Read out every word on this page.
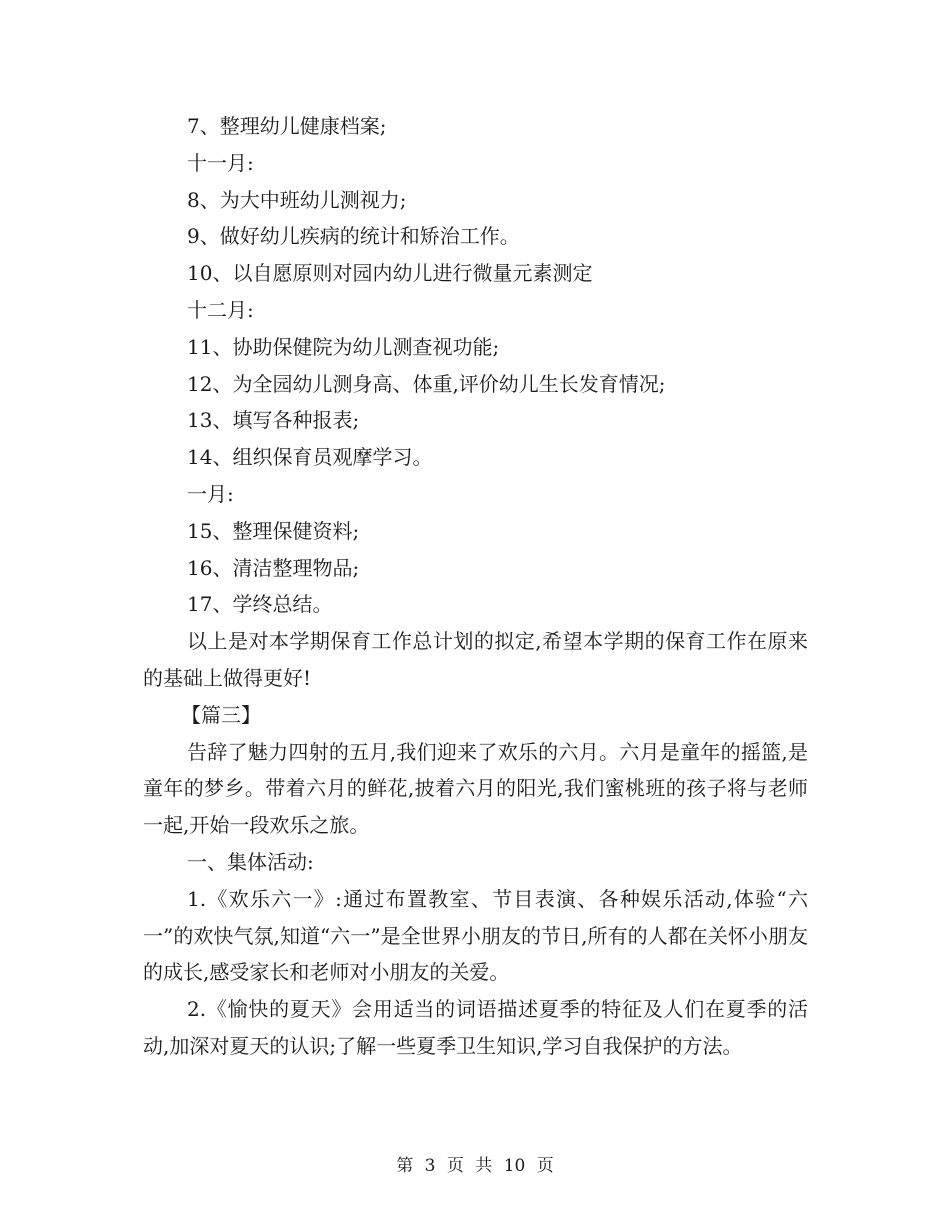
7、整理幼儿健康档案;

十一月:

8、为大中班幼儿测视力;

9、做好幼儿疾病的统计和矫治工作。

10、以自愿原则对园内幼儿进行微量元素测定

十二月:

11、协助保健院为幼儿测查视功能;

12、为全园幼儿测身高、体重,评价幼儿生长发育情况;

13、填写各种报表;

14、组织保育员观摩学习。

一月:

15、整理保健资料;

16、清洁整理物品;

17、学终总结。

以上是对本学期保育工作总计划的拟定,希望本学期的保育工作在原来的基础上做得更好!

【篇三】

告辞了魅力四射的五月,我们迎来了欢乐的六月。六月是童年的摇篮,是童年的梦乡。带着六月的鲜花,披着六月的阳光,我们蜜桃班的孩子将与老师一起,开始一段欢乐之旅。

一、集体活动:

1.《欢乐六一》:通过布置教室、节目表演、各种娱乐活动,体验“六一”的欢快气氛,知道“六一”是全世界小朋友的节日,所有的人都在关怀小朋友的成长,感受家长和老师对小朋友的关爱。

2.《愉快的夏天》会用适当的词语描述夏季的特征及人们在夏季的活动,加深对夏天的认识;了解一些夏季卫生知识,学习自我保护的方法。

第 3 页 共 10 页
